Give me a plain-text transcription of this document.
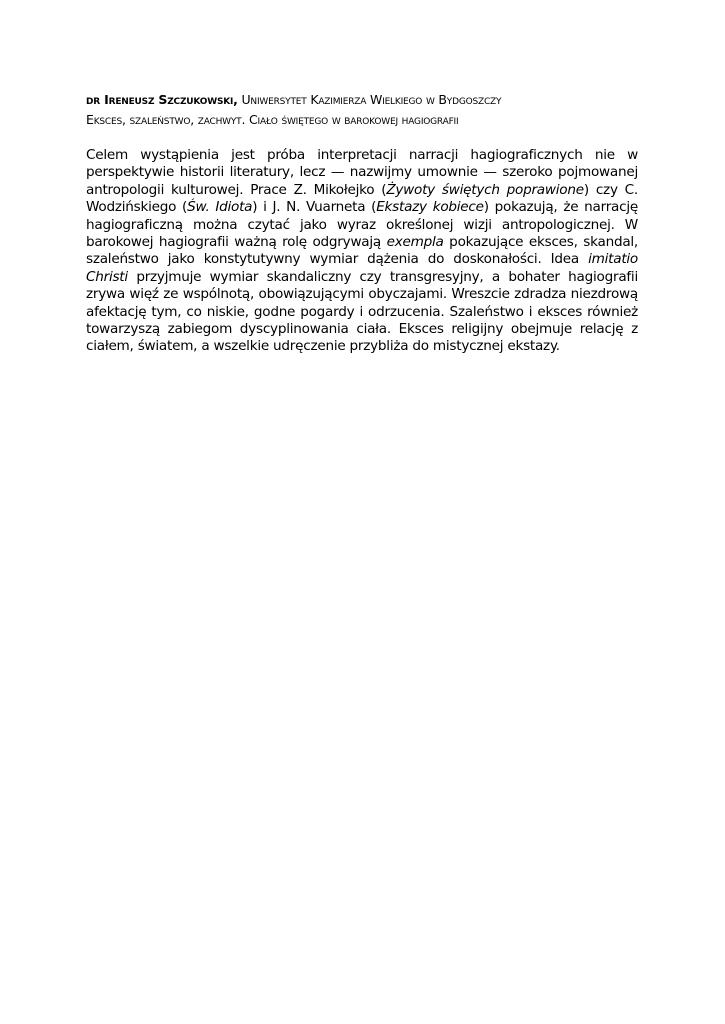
dr Ireneusz Szczukowski, Uniwersytet Kazimierza Wielkiego w Bydgoszczy
Eksces, szaleństwo, zachwyt. Ciało świętego w barokowej hagiografii
Celem wystąpienia jest próba interpretacji narracji hagiograficznych nie w perspektywie historii literatury, lecz — nazwijmy umownie — szeroko pojmowanej antropologii kulturowej. Prace Z. Mikołejko (Żywoty świętych poprawione) czy C. Wodzińskiego (Św. Idiota) i J. N. Vuarneta (Ekstazy kobiece) pokazują, że narrację hagiograficzną można czytać jako wyraz określonej wizji antropologicznej. W barokowej hagiografii ważną rolę odgrywają exempla pokazujące eksces, skandal, szaleństwo jako konstytutywny wymiar dążenia do doskonałości. Idea imitatio Christi przyjmuje wymiar skandaliczny czy transgresyjny, a bohater hagiografii zrywa więź ze wspólnotą, obowiązującymi obyczajami. Wreszcie zdradza niezdrową afektację tym, co niskie, godne pogardy i odrzucenia. Szaleństwo i eksces również towarzyszą zabiegom dyscyplinowania ciała. Eksces religijny obejmuje relację z ciałem, światem, a wszelkie udręczenie przybliża do mistycznej ekstazy.
